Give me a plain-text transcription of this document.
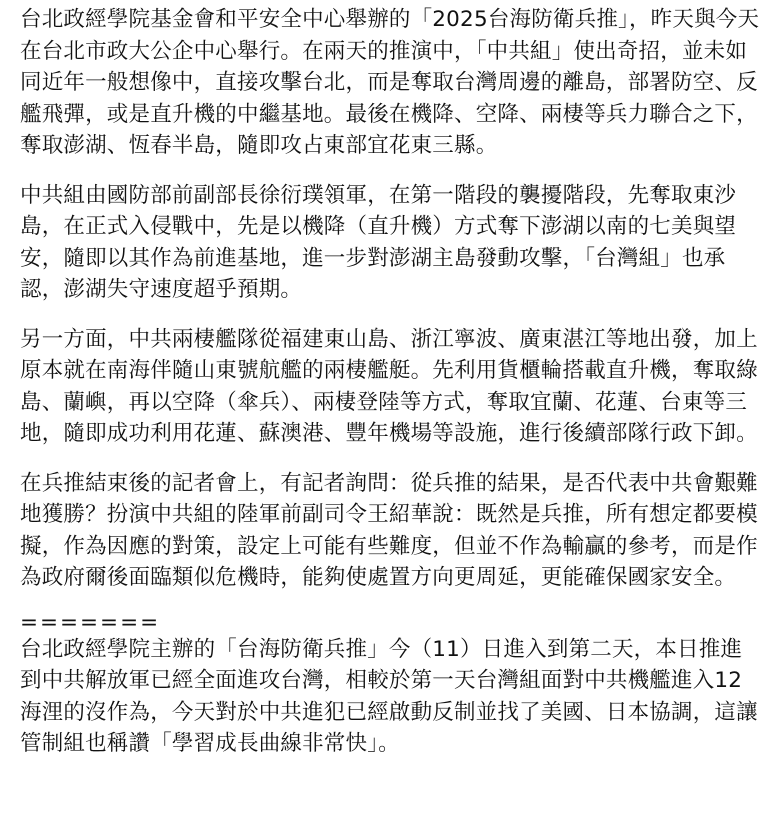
台北政經學院基金會和平安全中心舉辦的「2025台海防衛兵推」，昨天與今天在台北市政大公企中心舉行。在兩天的推演中，「中共組」使出奇招，並未如同近年一般想像中，直接攻擊台北，而是奪取台灣周邊的離島，部署防空、反艦飛彈，或是直升機的中繼基地。最後在機降、空降、兩棲等兵力聯合之下，奪取澎湖、恆春半島，隨即攻占東部宜花東三縣。

中共組由國防部前副部長徐衍璞領軍，在第一階段的襲擾階段，先奪取東沙島，在正式入侵戰中，先是以機降（直升機）方式奪下澎湖以南的七美與望安，隨即以其作為前進基地，進一步對澎湖主島發動攻擊，「台灣組」也承認，澎湖失守速度超乎預期。

另一方面，中共兩棲艦隊從福建東山島、浙江寧波、廣東湛江等地出發，加上原本就在南海伴隨山東號航艦的兩棲艦艇。先利用貨櫃輪搭載直升機，奪取綠島、蘭嶼，再以空降（傘兵）、兩棲登陸等方式，奪取宜蘭、花蓮、台東等三地，隨即成功利用花蓮、蘇澳港、豐年機場等設施，進行後續部隊行政下卸。

在兵推結束後的記者會上，有記者詢問：從兵推的結果，是否代表中共會艱難地獲勝？扮演中共組的陸軍前副司令王紹華說：既然是兵推，所有想定都要模擬，作為因應的對策，設定上可能有些難度，但並不作為輸贏的參考，而是作為政府爾後面臨類似危機時，能夠使處置方向更周延，更能確保國家安全。

=======

台北政經學院主辦的「台海防衛兵推」今（11）日進入到第二天，本日推進到中共解放軍已經全面進攻台灣，相較於第一天台灣組面對中共機艦進入12海浬的沒作為，今天對於中共進犯已經啟動反制並找了美國、日本協調，這讓管制組也稱讚「學習成長曲線非常快」。
